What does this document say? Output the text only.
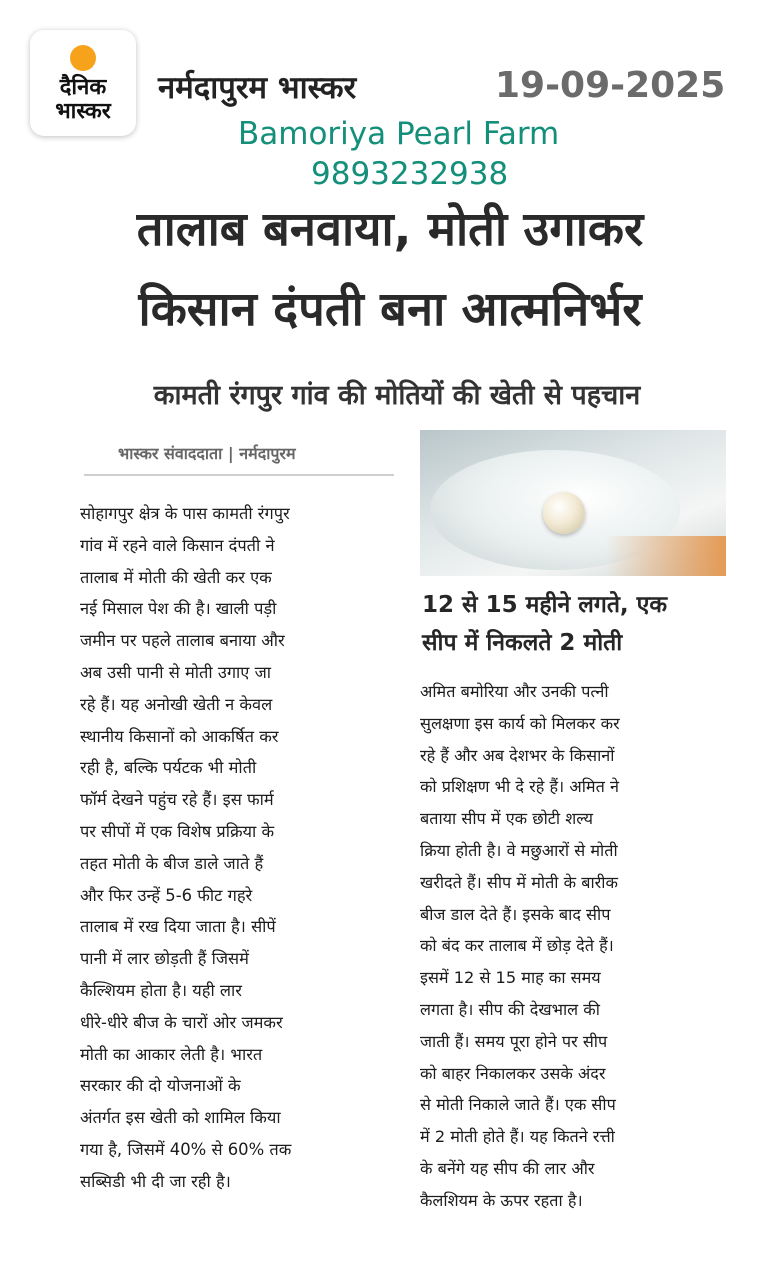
दैनिक
भास्कर
नर्मदापुरम भास्कर	19-09-2025
Bamoriya Pearl Farm
9893232938
तालाब बनवाया, मोती उगाकर
किसान दंपती बना आत्मनिर्भर
कामती रंगपुर गांव की मोतियों की खेती से पहचान
भास्कर संवाददाता | नर्मदापुरम
सोहागपुर क्षेत्र के पास कामती रंगपुर
गांव में रहने वाले किसान दंपती ने
तालाब में मोती की खेती कर एक
नई मिसाल पेश की है। खाली पड़ी
जमीन पर पहले तालाब बनाया और
अब उसी पानी से मोती उगाए जा
रहे हैं। यह अनोखी खेती न केवल
स्थानीय किसानों को आकर्षित कर
रही है, बल्कि पर्यटक भी मोती
फॉर्म देखने पहुंच रहे हैं। इस फार्म
पर सीपों में एक विशेष प्रक्रिया के
तहत मोती के बीज डाले जाते हैं
और फिर उन्हें 5-6 फीट गहरे
तालाब में रख दिया जाता है। सीपें
पानी में लार छोड़ती हैं जिसमें
कैल्शियम होता है। यही लार
धीरे-धीरे बीज के चारों ओर जमकर
मोती का आकार लेती है। भारत
सरकार की दो योजनाओं के
अंतर्गत इस खेती को शामिल किया
गया है, जिसमें 40% से 60% तक
सब्सिडी भी दी जा रही है।
12 से 15 महीने लगते, एक
सीप में निकलते 2 मोती
अमित बमोरिया और उनकी पत्नी
सुलक्षणा इस कार्य को मिलकर कर
रहे हैं और अब देशभर के किसानों
को प्रशिक्षण भी दे रहे हैं। अमित ने
बताया सीप में एक छोटी शल्य
क्रिया होती है। वे मछुआरों से मोती
खरीदते हैं। सीप में मोती के बारीक
बीज डाल देते हैं। इसके बाद सीप
को बंद कर तालाब में छोड़ देते हैं।
इसमें 12 से 15 माह का समय
लगता है। सीप की देखभाल की
जाती हैं। समय पूरा होने पर सीप
को बाहर निकालकर उसके अंदर
से मोती निकाले जाते हैं। एक सीप
में 2 मोती होते हैं। यह कितने रत्ती
के बनेंगे यह सीप की लार और
कैलशियम के ऊपर रहता है।
